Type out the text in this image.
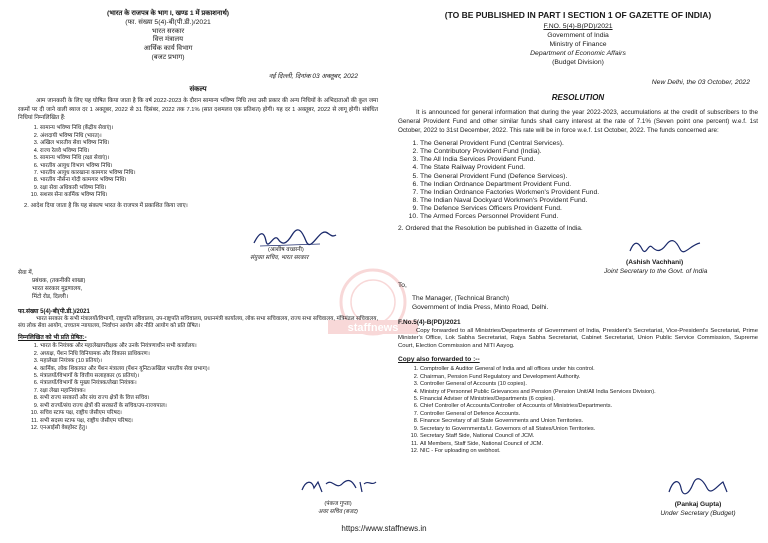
staffnews
(भारत के राजपत्र के भाग I, खण्ड 1 में प्रकाशनार्थ)
(फा. संख्या 5(4)-बी(पी.डी.)/2021
भारत सरकार
वित्त मंत्रालय
आर्थिक कार्य विभाग
(बजट प्रभाग)
नई दिल्ली, दिनांक 03 अक्तूबर, 2022
संकल्प
आम जानकारी के लिए यह घोषित किया जाता है कि वर्ष 2022-2023 के दौरान सामान्य भविष्य निधि तथा उसी प्रकार की अन्य निधियों के अभिदाताओं की कुल जमा रकमों पर दी जाने वाली ब्याज दर 1 अक्तूबर, 2022 से 31 दिसंबर, 2022 तक 7.1% (सात दशमलव एक प्रतिशत) होगी। यह दर 1 अक्तूबर, 2022 से लागू होगी। संबंधित निधियां निम्नलिखित हैं:
1. सामान्य भविष्य निधि (केंद्रीय सेवाएं)।
2. अंशदायी भविष्य निधि (भारत)।
3. अखिल भारतीय सेवा भविष्य निधि।
4. राज्य रेलवे भविष्य निधि।
5. सामान्य भविष्य निधि (रक्षा सेवाएं)।
6. भारतीय आयुध विभाग भविष्य निधि।
7. भारतीय आयुध कारखाना कामगार भविष्य निधि।
8. भारतीय नौसेना गोदी कामगार भविष्य निधि।
9. रक्षा सेवा अधिकारी भविष्य निधि।
10. सशस्त्र सेना कार्मिक भविष्य निधि।
2. आदेश दिया जाता है कि यह संकल्प भारत के राजपत्र में प्रकाशित किया जाए।
(आशीष वच्छानी)
संयुक्त सचिव, भारत सरकार
सेवा में,
प्रबंधक, (तकनीकी शाखा)
भारत सरकार मुद्रणालय,
मिंटो रोड, दिल्ली।
फा.संख्या 5(4)-बी(पी.डी.)/2021
भारत सरकार के सभी मंत्रालयों/विभागों, राष्ट्रपति सचिवालय, उप-राष्ट्रपति सचिवालय, प्रधानमंत्री कार्यालय, लोक सभा सचिवालय, राज्य सभा सचिवालय, मंत्रिमंडल सचिवालय, संघ लोक सेवा आयोग, उच्चतम न्यायालय, निर्वाचन आयोग और नीति आयोग को प्रति प्रेषित।
निम्नलिखित को भी प्रति प्रेषित:-
1. भारत के नियंत्रक और महालेखापरीक्षक और उनके नियंत्रणाधीन सभी कार्यालय।
2. अध्यक्ष, पेंशन निधि विनियामक और विकास प्राधिकरण।
3. महालेखा नियंत्रक (10 प्रतियां)।
4. कार्मिक, लोक शिकायत और पेंशन मंत्रालय (पेंशन यूनिट/अखिल भारतीय सेवा प्रभाग)।
5. मंत्रालयों/विभागों के वित्तीय सलाहकार (6 प्रतियां)।
6. मंत्रालयों/विभागों के मुख्य नियंत्रक/लेखा नियंत्रक।
7. रक्षा लेखा महानियंत्रक।
8. सभी राज्य सरकारों और संघ राज्य क्षेत्रों के वित्त सचिव।
9. सभी राज्यों/संघ राज्य क्षेत्रों की सरकारों के सचिव/उप-राज्यपाल।
10. सचिव स्टाफ पक्ष, राष्ट्रीय जेसीएम परिषद।
11. सभी सदस्य स्टाफ पक्ष, राष्ट्रीय जेसीएम परिषद।
12. एनआईसी वेबहोस्ट हेतु।
(पंकज गुप्ता)
अवर सचिव (बजट)
(TO BE PUBLISHED IN PART I SECTION 1 OF GAZETTE OF INDIA)
F.NO. 5(4)-B(PD)/2021
Government of India
Ministry of Finance
Department of Economic Affairs
(Budget Division)
New Delhi, the 03 October, 2022
RESOLUTION
It is announced for general information that during the year 2022-2023, accumulations at the credit of subscribers to the General Provident Fund and other similar funds shall carry interest at the rate of 7.1% (Seven point one percent) w.e.f. 1st October, 2022 to 31st December, 2022. This rate will be in force w.e.f. 1st October, 2022. The funds concerned are:
1. The General Provident Fund (Central Services).
2. The Contributory Provident Fund (India).
3. The All India Services Provident Fund.
4. The State Railway Provident Fund.
5. The General Provident Fund (Defence Services).
6. The Indian Ordnance Department Provident Fund.
7. The Indian Ordnance Factories Workmen's Provident Fund.
8. The Indian Naval Dockyard Workmen's Provident Fund.
9. The Defence Services Officers Provident Fund.
10. The Armed Forces Personnel Provident Fund.
2. Ordered that the Resolution be published in Gazette of India.
(Ashish Vachhani)
Joint Secretary to the Govt. of India
To,
The Manager, (Technical Branch)
Government of India Press, Minto Road, Delhi.
F.No.5(4)-B(PD)/2021
Copy forwarded to all Ministries/Departments of Government of India, President's Secretariat, Vice-President's Secretariat, Prime Minister's Office, Lok Sabha Secretariat, Rajya Sabha Secretariat, Cabinet Secretariat, Union Public Service Commission, Supreme Court, Election Commission and NITI Aayog.
Copy also forwarded to :--
1. Comptroller & Auditor General of India and all offices under his control.
2. Chairman, Pension Fund Regulatory and Development Authority.
3. Controller General of Accounts (10 copies).
4. Ministry of Personnel Public Grievances and Pension (Pension Unit/All India Services Division).
5. Financial Adviser of Ministries/Departments (6 copies).
6. Chief Controller of Accounts/Controller of Accounts of Ministries/Departments.
7. Controller General of Defence Accounts.
8. Finance Secretary of all State Governments and Union Territories.
9. Secretary to Governments/Lt. Governors of all States/Union Territories.
10. Secretary Staff Side, National Council of JCM.
11. All Members, Staff Side, National Council of JCM.
12. NIC - For uploading on webhost.
(Pankaj Gupta)
Under Secretary (Budget)
https://www.staffnews.in
